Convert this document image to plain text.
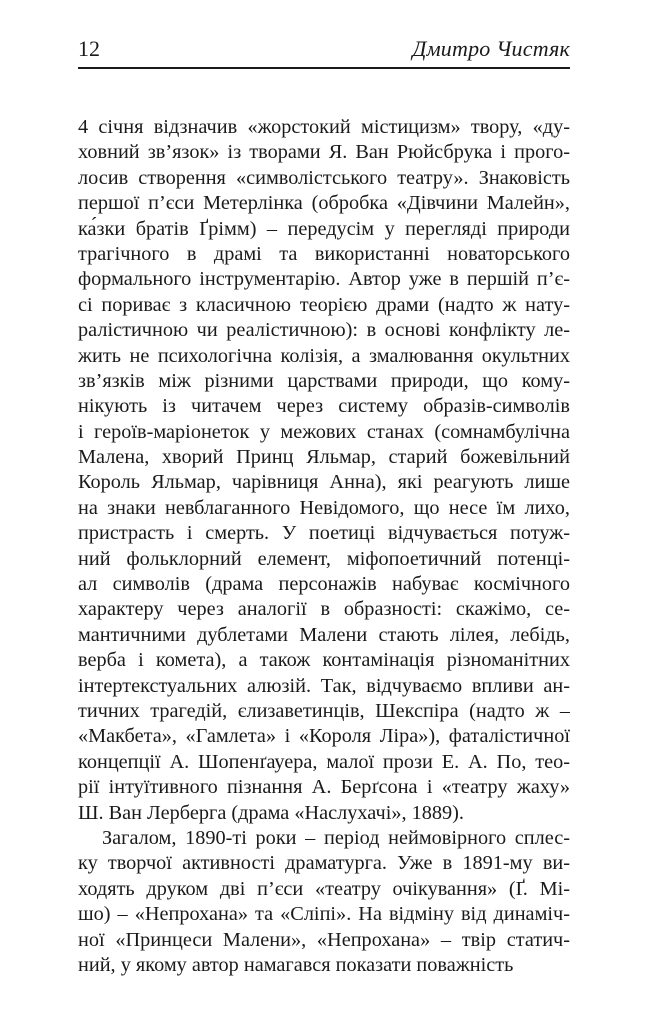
12	Дмитро Чистяк
4 січня відзначив «жорстокий містицизм» твору, «ду-
ховний зв’язок» із творами Я. Ван Рюйсбрука і прого-
лосив створення «символістського театру». Знаковість
першої п’єси Метерлінка (обробка «Дівчини Малейн»,
ка́зки братів Ґрімм) – передусім у перегляді природи
трагічного в драмі та використанні новаторського
формального інструментарію. Автор уже в першій п’є-
сі пориває з класичною теорією драми (надто ж нату-
ралістичною чи реалістичною): в основі конфлікту ле-
жить не психологічна колізія, а змалювання окультних
зв’язків між різними царствами природи, що кому-
нікують із читачем через систему образів-символів
і героїв-маріонеток у межових станах (сомнамбулічна
Малена, хворий Принц Яльмар, старий божевільний
Король Яльмар, чарівниця Анна), які реагують лише
на знаки невблаганного Невідомого, що несе їм лихо,
пристрасть і смерть. У поетиці відчувається потуж-
ний фольклорний елемент, міфопоетичний потенці-
ал символів (драма персонажів набуває космічного
характеру через аналогії в образності: скажімо, се-
мантичними дублетами Малени стають лілея, лебідь,
верба і комета), а також контамінація різноманітних
інтертекстуальних алюзій. Так, відчуваємо впливи ан-
тичних трагедій, єлизаветинців, Шекспіра (надто ж –
«Макбета», «Гамлета» і «Короля Ліра»), фаталістичної
концепції А. Шопенґауера, малої прози Е. А. По, тео-
рії інтуїтивного пізнання А. Берґсона і «театру жаху»
Ш. Ван Лерберга (драма «Наслухачі», 1889).
Загалом, 1890-ті роки – період неймовірного сплес-
ку творчої активності драматурга. Уже в 1891-му ви-
ходять друком дві п’єси «театру очікування» (Ґ. Мі-
шо) – «Непрохана» та «Сліпі». На відміну від динаміч-
ної «Принцеси Малени», «Непрохана» – твір статич-
ний, у якому автор намагався показати поважність
